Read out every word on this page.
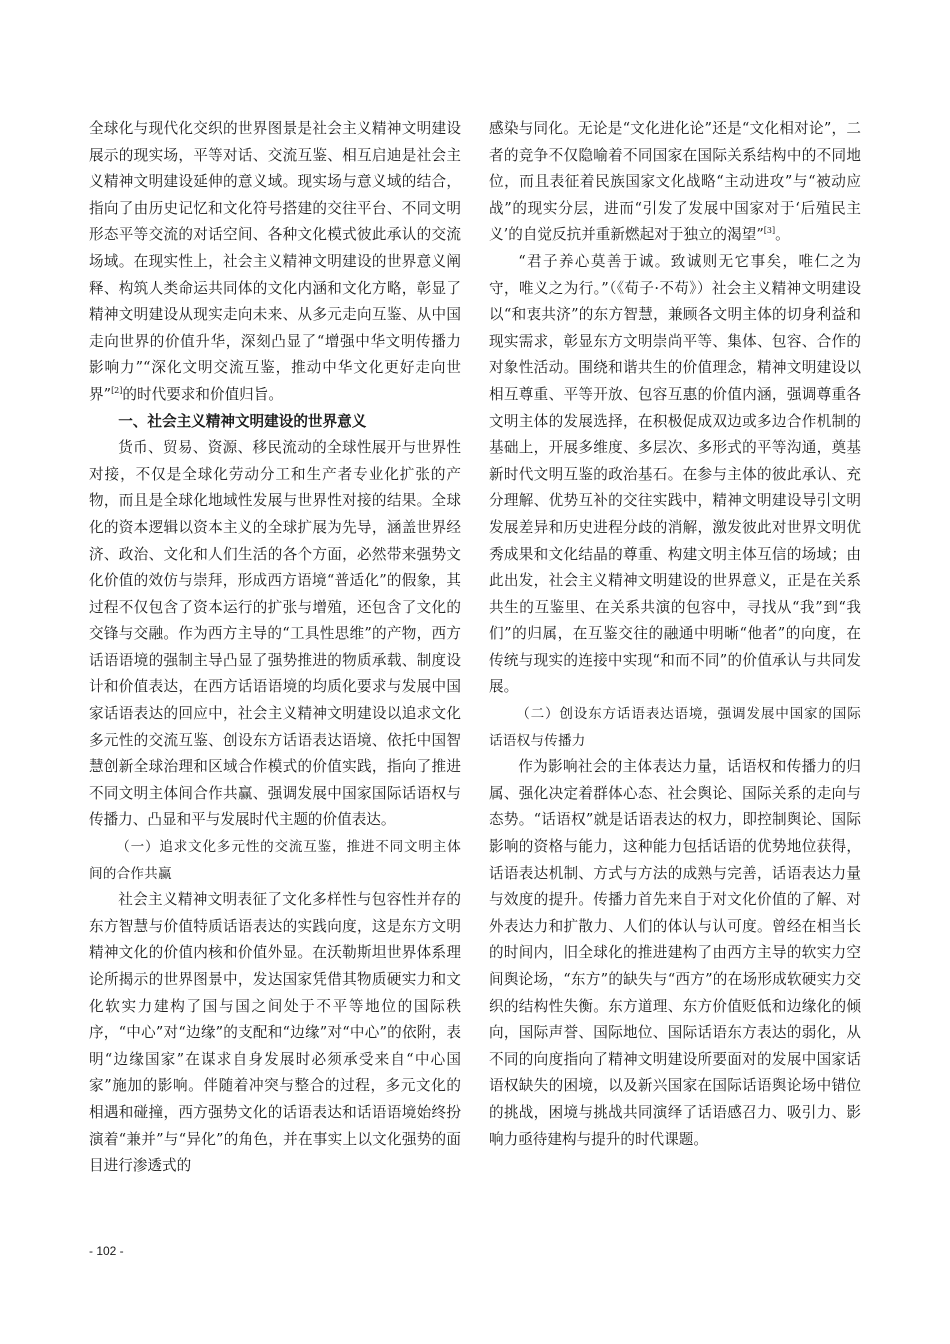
全球化与现代化交织的世界图景是社会主义精神文明建设展示的现实场，平等对话、交流互鉴、相互启迪是社会主义精神文明建设延伸的意义域。现实场与意义域的结合，指向了由历史记忆和文化符号搭建的交往平台、不同文明形态平等交流的对话空间、各种文化模式彼此承认的交流场域。在现实性上，社会主义精神文明建设的世界意义阐释、构筑人类命运共同体的文化内涵和文化方略，彰显了精神文明建设从现实走向未来、从多元走向互鉴、从中国走向世界的价值升华，深刻凸显了“增强中华文明传播力影响力”“深化文明交流互鉴，推动中华文化更好走向世界”[2]的时代要求和价值归旨。

一、社会主义精神文明建设的世界意义

货币、贸易、资源、移民流动的全球性展开与世界性对接，不仅是全球化劳动分工和生产者专业化扩张的产物，而且是全球化地域性发展与世界性对接的结果。全球化的资本逻辑以资本主义的全球扩展为先导，涵盖世界经济、政治、文化和人们生活的各个方面，必然带来强势文化价值的效仿与崇拜，形成西方语境“普适化”的假象，其过程不仅包含了资本运行的扩张与增殖，还包含了文化的交锋与交融。作为西方主导的“工具性思维”的产物，西方话语语境的强制主导凸显了强势推进的物质承载、制度设计和价值表达，在西方话语语境的均质化要求与发展中国家话语表达的回应中，社会主义精神文明建设以追求文化多元性的交流互鉴、创设东方话语表达语境、依托中国智慧创新全球治理和区域合作模式的价值实践，指向了推进不同文明主体间合作共赢、强调发展中国家国际话语权与传播力、凸显和平与发展时代主题的价值表达。

（一）追求文化多元性的交流互鉴，推进不同文明主体间的合作共赢

社会主义精神文明表征了文化多样性与包容性并存的东方智慧与价值特质话语表达的实践向度，这是东方文明精神文化的价值内核和价值外显。在沃勒斯坦世界体系理论所揭示的世界图景中，发达国家凭借其物质硬实力和文化软实力建构了国与国之间处于不平等地位的国际秩序，“中心”对“边缘”的支配和“边缘”对“中心”的依附，表明“边缘国家”在谋求自身发展时必须承受来自“中心国家”施加的影响。伴随着冲突与整合的过程，多元文化的相遇和碰撞，西方强势文化的话语表达和话语语境始终扮演着“兼并”与“异化”的角色，并在事实上以文化强势的面目进行渗透式的

感染与同化。无论是“文化进化论”还是“文化相对论”，二者的竞争不仅隐喻着不同国家在国际关系结构中的不同地位，而且表征着民族国家文化战略“主动进攻”与“被动应战”的现实分层，进而“引发了发展中国家对于‘后殖民主义’的自觉反抗并重新燃起对于独立的渴望”[3]。

“君子养心莫善于诚。致诚则无它事矣，唯仁之为守，唯义之为行。”（《荀子·不苟》）社会主义精神文明建设以“和衷共济”的东方智慧，兼顾各文明主体的切身利益和现实需求，彰显东方文明崇尚平等、集体、包容、合作的对象性活动。围绕和谐共生的价值理念，精神文明建设以相互尊重、平等开放、包容互惠的价值内涵，强调尊重各文明主体的发展选择，在积极促成双边或多边合作机制的基础上，开展多维度、多层次、多形式的平等沟通，奠基新时代文明互鉴的政治基石。在参与主体的彼此承认、充分理解、优势互补的交往实践中，精神文明建设导引文明发展差异和历史进程分歧的消解，激发彼此对世界文明优秀成果和文化结晶的尊重、构建文明主体互信的场域；由此出发，社会主义精神文明建设的世界意义，正是在关系共生的互鉴里、在关系共演的包容中，寻找从“我”到“我们”的归属，在互鉴交往的融通中明晰“他者”的向度，在传统与现实的连接中实现“和而不同”的价值承认与共同发展。

（二）创设东方话语表达语境，强调发展中国家的国际话语权与传播力

作为影响社会的主体表达力量，话语权和传播力的归属、强化决定着群体心态、社会舆论、国际关系的走向与态势。“话语权”就是话语表达的权力，即控制舆论、国际影响的资格与能力，这种能力包括话语的优势地位获得，话语表达机制、方式与方法的成熟与完善，话语表达力量与效度的提升。传播力首先来自于对文化价值的了解、对外表达力和扩散力、人们的体认与认可度。曾经在相当长的时间内，旧全球化的推进建构了由西方主导的软实力空间舆论场，“东方”的缺失与“西方”的在场形成软硬实力交织的结构性失衡。东方道理、东方价值贬低和边缘化的倾向，国际声誉、国际地位、国际话语东方表达的弱化，从不同的向度指向了精神文明建设所要面对的发展中国家话语权缺失的困境，以及新兴国家在国际话语舆论场中错位的挑战，困境与挑战共同演绎了话语感召力、吸引力、影响力亟待建构与提升的时代课题。

- 102 -
